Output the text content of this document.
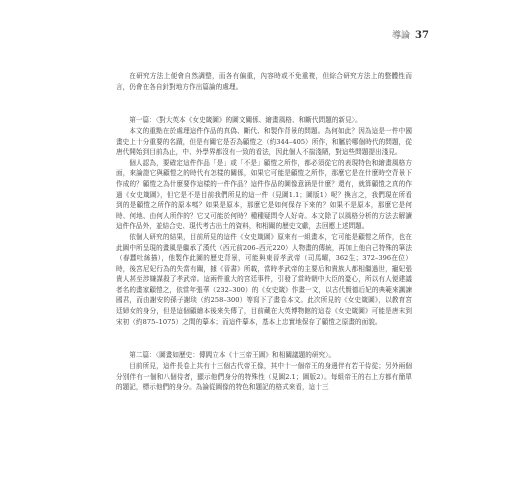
導論 37

在研究方法上便會自然調整，而各有偏重，內容時或不免重複，但綜合研究方法上的整體性而言，仍會在各自針對地方作出篇論的處理。

第一篇：〈對大英本《女史箴圖》的圖文關係、繪畫風格、和斷代問題的新見〉。

本文的重點在於處理這件作品的真偽、斷代、和製作背景的問題。為何如此？因為這是一件中國畫史上十分重要的名蹟，但是有關它是否為顧愷之（約344–405）所作，和屬於哪個時代的問題，從唐代開始到目前為止，中、外學界都沒有一致的看法，因此個人不揣淺陋，對這些問題提出淺見。

個人認為，要確定這件作品「是」或「不是」顧愷之所作，都必須從它的表現特色和繪畫風格方面，來論證它與顧愷之的時代有怎樣的關係，如果它可能是顧愷之所作，那麼它是在什麼時空背景下作成的？顧愷之為什麼要作這樣的一件作品？這件作品的圖像意涵是什麼？還有，就算顧愷之真的作過《女史箴圖》，但它是不是目前我們所見的這一件（見圖1.1；圖版1）呢？換言之，我們現在所看到的是顧愷之所作的原本嗎？如果是原本，那麼它是如何保存下來的？如果不是原本，那麼它是何時、何地、由何人所作的？它又可能於何時？種種疑問令人好奇。本文除了以風格分析的方法去解讀這件作品外，並結合史、現代考古出土的資料，和相關的歷史文獻，去回應上述問題。

依個人研究的結果，目前所見的這件《女史箴圖》原來有一組畫本，它可能是顧愷之所作，也在此圖中所呈現的畫風是繼承了漢代（西元前206–西元220）人物畫的傳統，再加上他自己特殊的筆法（春蠶吐絲描），他製作此圖的歷史背景，可能與東晉孝武帝（司馬曜，362生；372–396在位）時，後宮尼妃行為的失當有關，據《晉書》所載，當時孝武帝的主要后和貴族人都相繼過世，寵妃張貴人甚至涉嫌謀殺了孝武帝。這兩件重大的宮廷事件，引發了當時朝中大臣的憂心，所以有人便建議者名的畫家顧愷之，依當年張華（232–300）的《女史箴》作畫一文，以古代賢德后妃的典範來諷諫國君，而由謝安的孫子謝琰（約258–300）等寫下了畫卷本文。此次所見的《女史箴圖》，以教育宮廷婦女的身分，但是這個顧繪本後來失傳了，目前藏在大英博物館的這卷《女史箴圖》可能是唐末到宋初（約875–1075）之間的摹本；而這件摹本，基本上忠實地保存了顧愷之原畫的面貌。

第二篇：〈圖畫如歷史：傳閻立本《十三帝王圖》和相關議題的研究〉。

目前所見，這件長卷上共有十三個古代帝王像，其中十一個帝王的身邊伴有若干侍從；另外兩個分別伴有一個和八個侍者，顯示他們身分的特殊性（見圖2.1；圖版2）。每組帝王的右上方都有簡單的題記，標示他們的身分。為論從圖像的特色和題記的格式來看，這十三
